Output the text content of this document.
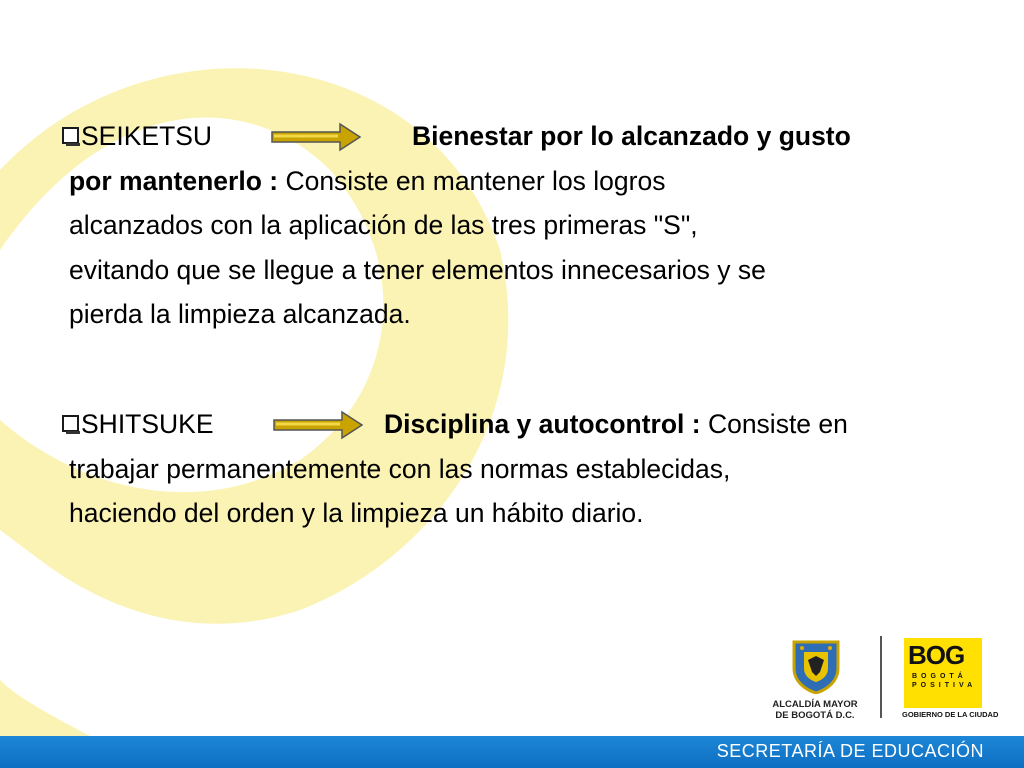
SEIKETSU	Bienestar por lo alcanzado y gusto
por mantenerlo : Consiste en mantener los logros
alcanzados con la aplicación de las tres primeras "S",
evitando que se llegue a tener elementos innecesarios y se
pierda la limpieza alcanzada.
SHITSUKE	Disciplina y autocontrol : Consiste en
trabajar permanentemente con las normas establecidas,
haciendo del orden y la limpieza un hábito diario.
ALCALDÍA MAYOR
DE BOGOTÁ D.C.
BOG
BOGOTÁ
POSITIVA
GOBIERNO DE LA CIUDAD
SECRETARÍA DE EDUCACIÓN
